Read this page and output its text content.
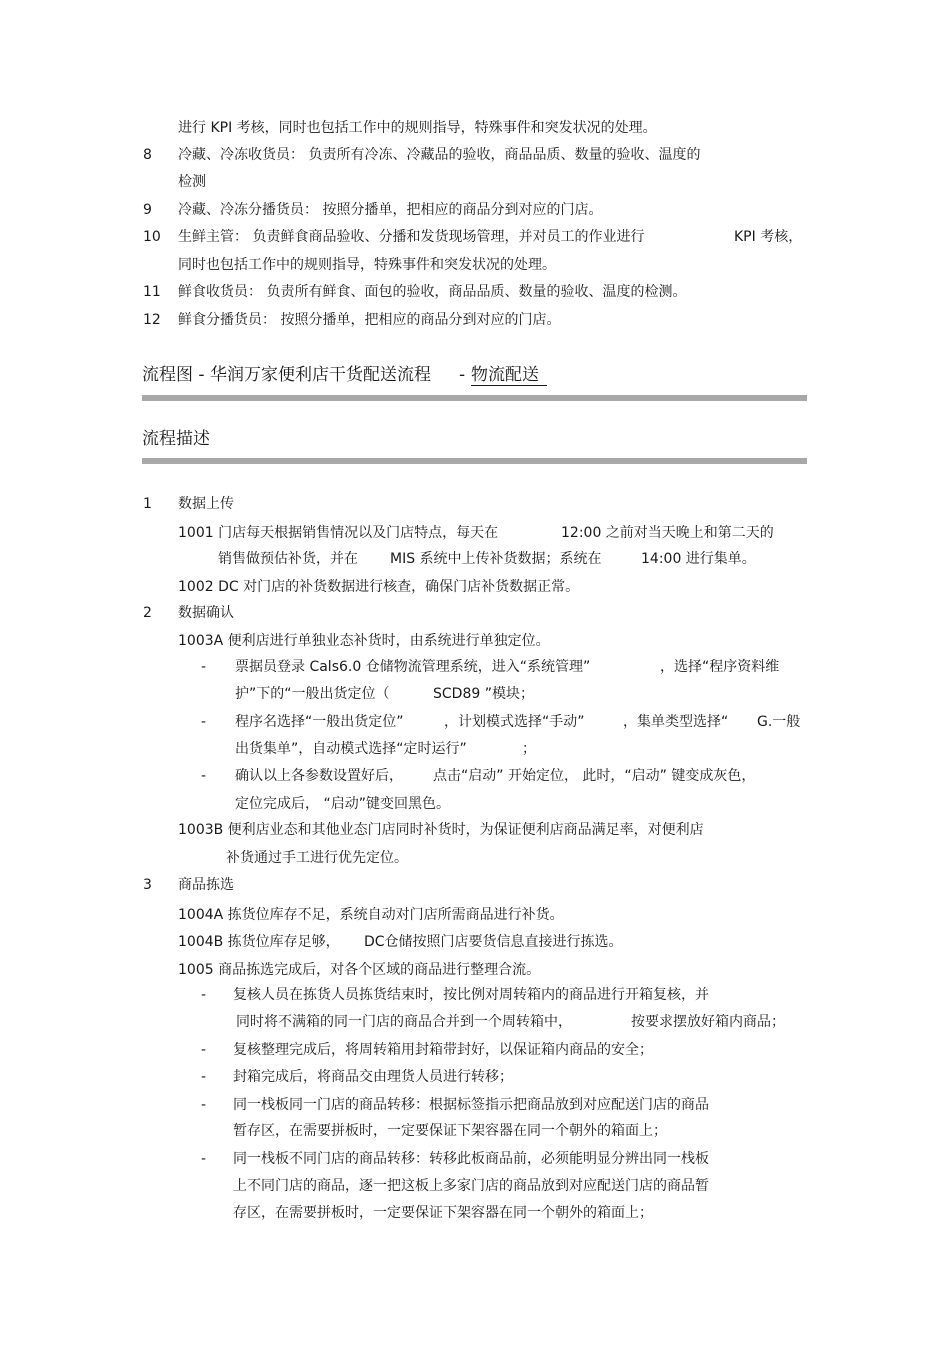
进行 KPI 考核，同时也包括工作中的规则指导，特殊事件和突发状况的处理。
8 冷藏、冷冻收货员： 负责所有冷冻、冷藏品的验收，商品品质、数量的验收、温度的
检测
9 冷藏、冷冻分播货员： 按照分播单，把相应的商品分到对应的门店。
10 生鲜主管： 负责鲜食商品验收、分播和发货现场管理，并对员工的作业进行	KPI 考核，
同时也包括工作中的规则指导，特殊事件和突发状况的处理。
11 鲜食收货员： 负责所有鲜食、面包的验收，商品品质、数量的验收、温度的检测。
12 鲜食分播货员： 按照分播单，把相应的商品分到对应的门店。
流程图 - 华润万家便利店干货配送流程 - 物流配送
流程描述
1 数据上传
1001 门店每天根据销售情况以及门店特点，每天在	12:00 之前对当天晚上和第二天的
销售做预估补货，并在 MIS 系统中上传补货数据；系统在	14:00 进行集单。
1002 DC 对门店的补货数据进行核查，确保门店补货数据正常。
2 数据确认
1003A 便利店进行单独业态补货时，由系统进行单独定位。
- 票据员登录 Cals6.0 仓储物流管理系统，进入“系统管理”	，选择“程序资料维
护”下的“一般出货定位（	SCD89 ”模块；
- 程序名选择“一般出货定位”	，计划模式选择“手动”	，集单类型选择“ G.一般
出货集单”，自动模式选择“定时运行”	；
- 确认以上各参数设置好后， 点击“启动” 开始定位， 此时，“启动” 键变成灰色，
定位完成后， “启动”键变回黑色。
1003B 便利店业态和其他业态门店同时补货时，为保证便利店商品满足率，对便利店
补货通过手工进行优先定位。
3 商品拣选
1004A 拣货位库存不足，系统自动对门店所需商品进行补货。
1004B 拣货位库存足够， DC仓储按照门店要货信息直接进行拣选。
1005 商品拣选完成后，对各个区域的商品进行整理合流。
- 复核人员在拣货人员拣货结束时，按比例对周转箱内的商品进行开箱复核，并
同时将不满箱的同一门店的商品合并到一个周转箱中，	按要求摆放好箱内商品；
- 复核整理完成后，将周转箱用封箱带封好，以保证箱内商品的安全；
- 封箱完成后，将商品交由理货人员进行转移；
- 同一栈板同一门店的商品转移：根据标签指示把商品放到对应配送门店的商品
暂存区，在需要拼板时，一定要保证下架容器在同一个朝外的箱面上；
- 同一栈板不同门店的商品转移：转移此板商品前，必须能明显分辨出同一栈板
上不同门店的商品，逐一把这板上多家门店的商品放到对应配送门店的商品暂
存区，在需要拼板时，一定要保证下架容器在同一个朝外的箱面上；
